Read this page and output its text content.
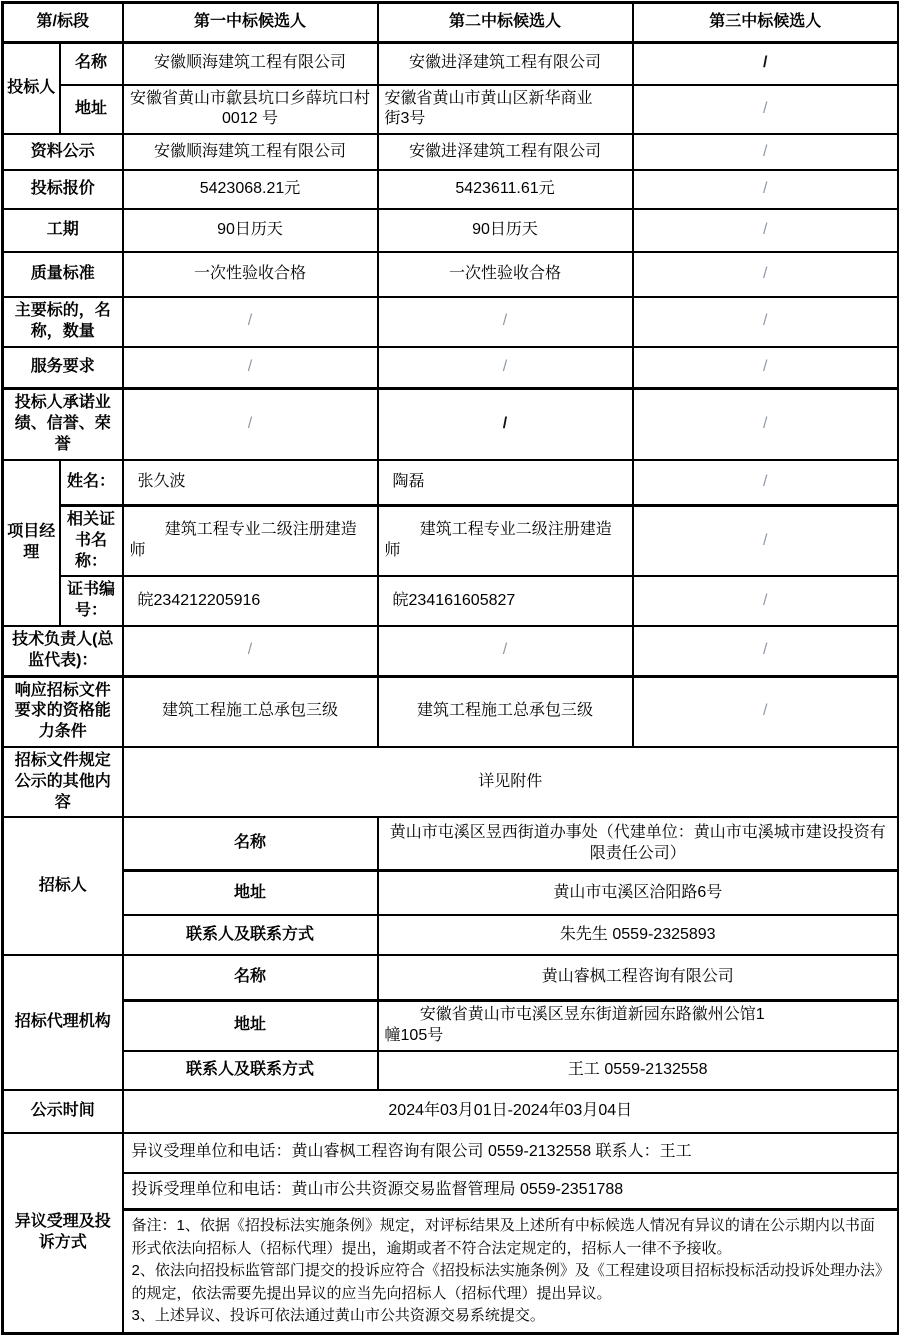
第/标段		第一中标候选人	第二中标候选人	第三中标候选人
投标人	名称	安徽顺海建筑工程有限公司	安徽进泽建筑工程有限公司	/
	地址	安徽省黄山市歙县坑口乡薛坑口村 0012 号	安徽省黄山市黄山区新华商业街3号	/
资料公示		安徽顺海建筑工程有限公司	安徽进泽建筑工程有限公司	/
投标报价		5423068.21元	5423611.61元	/
工期		90日历天	90日历天	/
质量标准		一次性验收合格	一次性验收合格	/
主要标的，名称，数量		/	/	/
服务要求		/	/	/
投标人承诺业绩、信誉、荣誉		/	/	/
项目经理	姓名：	张久波	陶磊	/
	相关证书名称：	建筑工程专业二级注册建造师	建筑工程专业二级注册建造师	/
	证书编号：	皖234212205916	皖234161605827	/
技术负责人(总监代表)：		/	/	/
响应招标文件要求的资格能力条件		建筑工程施工总承包三级	建筑工程施工总承包三级	/
招标文件规定公示的其他内容		详见附件		
招标人		名称	黄山市屯溪区昱西街道办事处（代建单位：黄山市屯溪城市建设投资有限责任公司）	
		地址	黄山市屯溪区洽阳路6号	
		联系人及联系方式	朱先生 0559-2325893	
招标代理机构		名称	黄山睿枫工程咨询有限公司	
		地址	安徽省黄山市屯溪区昱东街道新园东路徽州公馆1幢105号	
		联系人及联系方式	王工 0559-2132558	
公示时间		2024年03月01日-2024年03月04日		
异议受理及投诉方式		异议受理单位和电话：黄山睿枫工程咨询有限公司 0559-2132558 联系人：王工		
		投诉受理单位和电话：黄山市公共资源交易监督管理局 0559-2351788		

		备注：1、依据《招投标法实施条例》规定，对评标结果及上述所有中标候选人情况有异议的请在公示期内以书面形式依法向招标人（招标代理）提出，逾期或者不符合法定规定的，招标人一律不予接收。
2、依法向招投标监管部门提交的投诉应符合《招投标法实施条例》及《工程建设项目招标投标活动投诉处理办法》的规定，依法需要先提出异议的应当先向招标人（招标代理）提出异议。
3、上述异议、投诉可依法通过黄山市公共资源交易系统提交。		
